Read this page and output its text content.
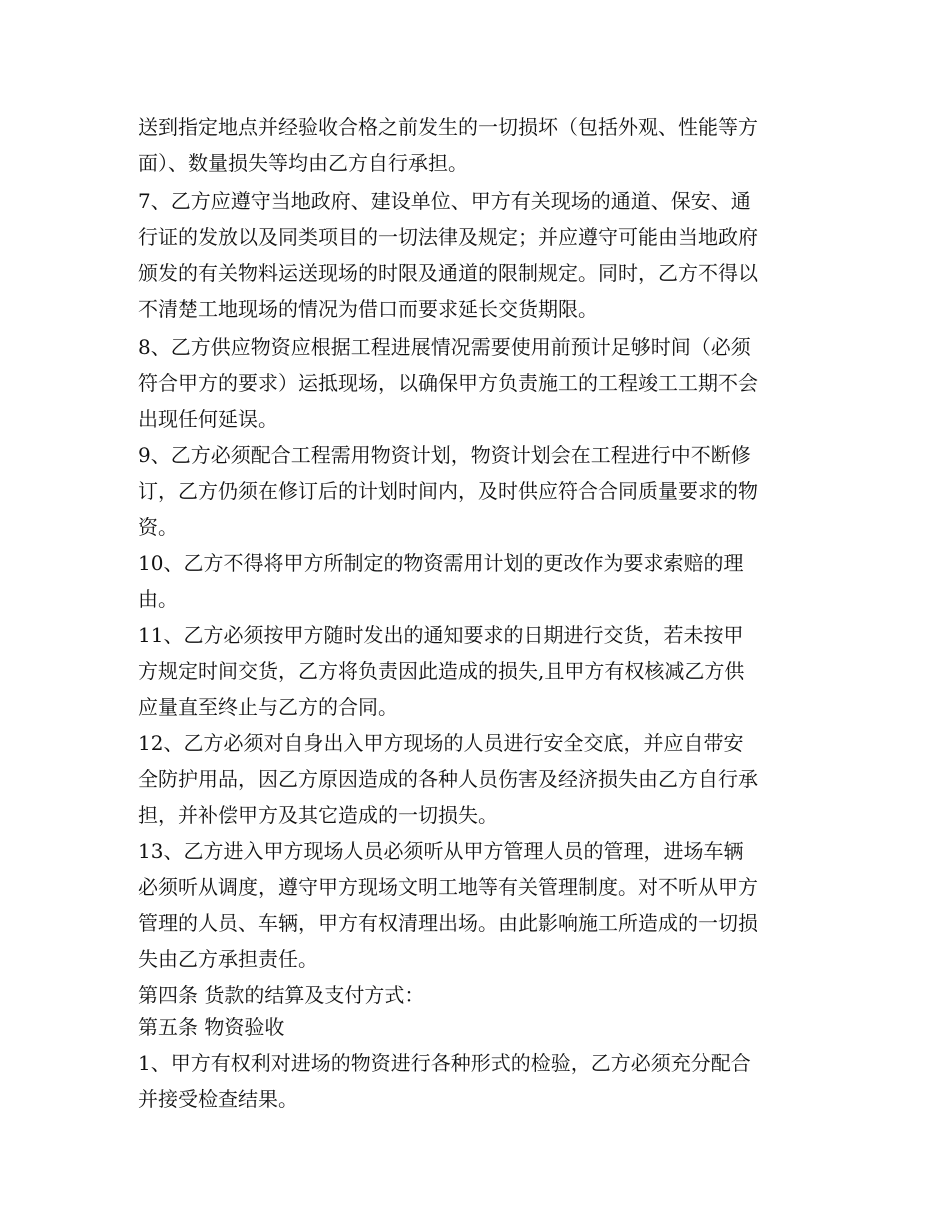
送到指定地点并经验收合格之前发生的一切损坏（包括外观、性能等方
面）、数量损失等均由乙方自行承担。
7、乙方应遵守当地政府、建设单位、甲方有关现场的通道、保安、通
行证的发放以及同类项目的一切法律及规定；并应遵守可能由当地政府
颁发的有关物料运送现场的时限及通道的限制规定。同时，乙方不得以
不清楚工地现场的情况为借口而要求延长交货期限。
8、乙方供应物资应根据工程进展情况需要使用前预计足够时间（必须
符合甲方的要求）运抵现场，以确保甲方负责施工的工程竣工工期不会
出现任何延误。
9、乙方必须配合工程需用物资计划，物资计划会在工程进行中不断修
订，乙方仍须在修订后的计划时间内，及时供应符合合同质量要求的物
资。
10、乙方不得将甲方所制定的物资需用计划的更改作为要求索赔的理
由。
11、乙方必须按甲方随时发出的通知要求的日期进行交货，若未按甲
方规定时间交货，乙方将负责因此造成的损失,且甲方有权核减乙方供
应量直至终止与乙方的合同。
12、乙方必须对自身出入甲方现场的人员进行安全交底，并应自带安
全防护用品，因乙方原因造成的各种人员伤害及经济损失由乙方自行承
担，并补偿甲方及其它造成的一切损失。
13、乙方进入甲方现场人员必须听从甲方管理人员的管理，进场车辆
必须听从调度，遵守甲方现场文明工地等有关管理制度。对不听从甲方
管理的人员、车辆，甲方有权清理出场。由此影响施工所造成的一切损
失由乙方承担责任。
第四条 货款的结算及支付方式：
第五条 物资验收
1、甲方有权利对进场的物资进行各种形式的检验，乙方必须充分配合
并接受检查结果。
